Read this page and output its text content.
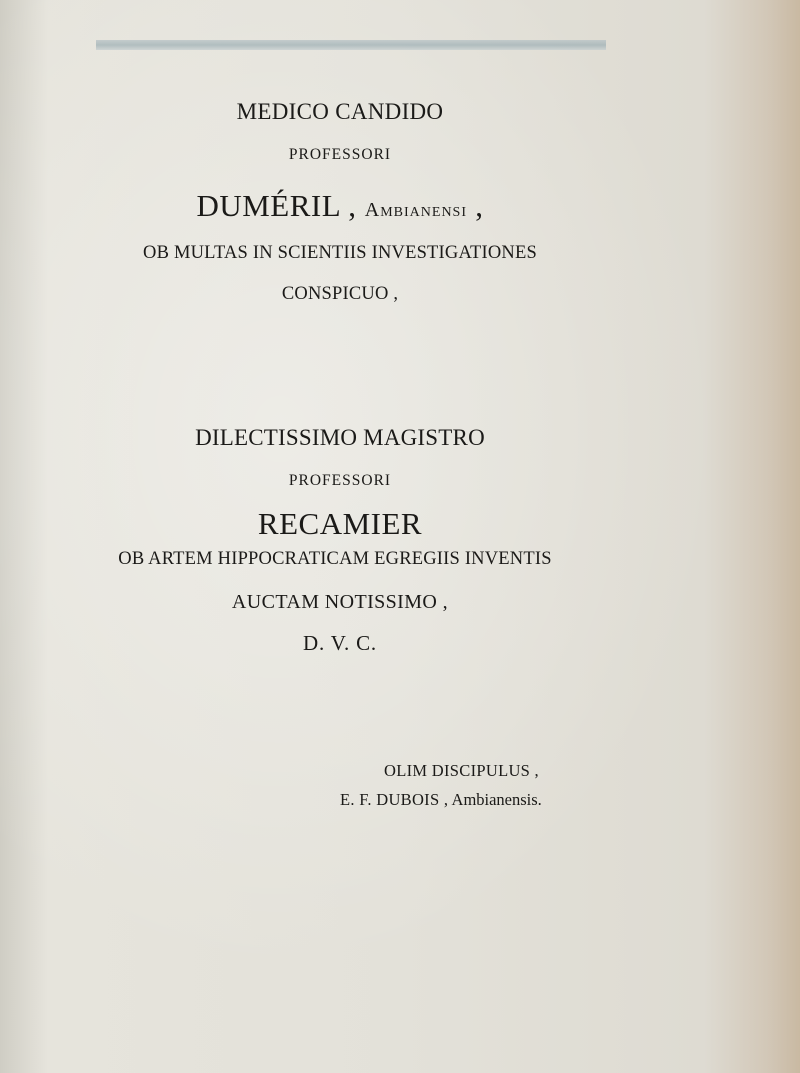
MEDICO CANDIDO
PROFESSORI
DUMÉRIL , Ambianensi ,
OB MULTAS IN SCIENTIIS INVESTIGATIONES
CONSPICUO ,
DILECTISSIMO MAGISTRO
PROFESSORI
RECAMIER
OB ARTEM HIPPOCRATICAM EGREGIIS INVENTIS
AUCTAM NOTISSIMO ,
D. V. C.
OLIM DISCIPULUS ,
E. F. DUBOIS , Ambianensis.
